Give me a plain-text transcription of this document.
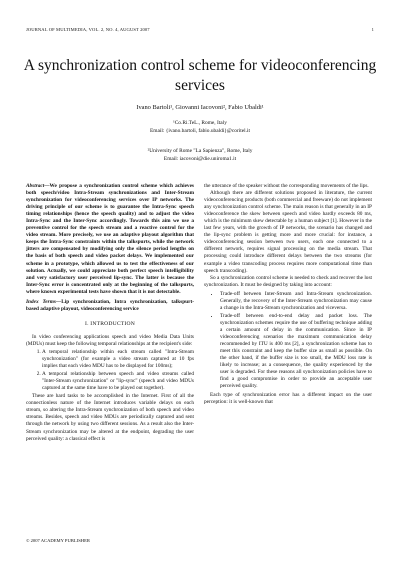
JOURNAL OF MULTIMEDIA, VOL. 2, NO. 4, AUGUST 2007	1
A synchronization control scheme for videoconferencing services
Ivano Bartoli¹, Giovanni Iacovoni², Fabio Ubaldi¹
¹Co.Ri.TeL., Rome, Italy
Email: {ivano.bartoli, fabio.ubaldi}@coritel.it
²University of Rome "La Sapienza", Rome, Italy
Email: iacovoni@die.uniroma1.it

Abstract—We propose a synchronization control scheme which achieves both speech/video Intra-Stream synchronizations and Inter-Stream synchronization for videoconferencing services over IP networks. The driving principle of our scheme is to guarantee the Intra-Sync speech timing relationships (hence the speech quality) and to adjust the video Intra-Sync and the Inter-Sync accordingly. Towards this aim we use a preventive control for the speech stream and a reactive control for the video stream. More precisely, we use an adaptive playout algorithm that keeps the Intra-Sync constraints within the talkspurts, while the network jitters are compensated by modifying only the silence period lengths on the basis of both speech and video packet delays. We implemented our scheme in a prototype, which allowed us to test the effectiveness of our solution. Actually, we could appreciate both perfect speech intelligibility and very satisfactory user perceived lip-sync. The latter is because the Inter-Sync error is concentrated only at the beginning of the talkspurts, where known experimental tests have shown that it is not detectable.

Index Terms—Lip synchronization, Intra synchronization, talkspurt-based adaptive playout, videoconferencing service

I. INTRODUCTION

In video conferencing applications speech and video Media Data Units (MDUs) must keep the following temporal relationships at the recipient's side:

1. A temporal relationship within each stream called "Intra-Stream synchronization" (for example a video stream captured at 10 fps implies that each video MDU has to be displayed for 100ms);
2. A temporal relationship between speech and video streams called "Inter-Stream synchronization" or "lip-sync" (speech and video MDUs captured at the same time have to be played out together).

These are hard tasks to be accomplished in the Internet. First of all the connectionless nature of the Internet introduces variable delays on each stream, so altering the Intra-Stream synchronization of both speech and video streams. Besides, speech and video MDUs are periodically captured and sent through the network by using two different sessions. As a result also the Inter-Stream synchronization may be altered at the endpoint, degrading the user perceived quality: a classical effect is

the utterance of the speaker without the corresponding movements of the lips.

Although there are different solutions proposed in literature, the current videoconferencing products (both commercial and freeware) do not implement any synchronization control scheme. The main reason is that generally in an IP videoconference the skew between speech and video hardly exceeds 80 ms, which is the minimum skew detectable by a human subject [1]. However in the last few years, with the growth of IP networks, the scenario has changed and the lip-sync problem is getting more and more crucial: for instance, a videoconferencing session between two users, each one connected to a different network, requires signal processing on the media stream. That processing could introduce different delays between the two streams (for example a video transcoding process requires more computational time than speech transcoding).

So a synchronization control scheme is needed to check and recover the lost synchronization. It must be designed by taking into account:

• Trade-off between Inter-Stream and Intra-Stream synchronization. Generally, the recovery of the Inter-Stream synchronization may cause a change in the Intra-Stream synchronization and viceversa.
• Trade-off between end-to-end delay and packet loss. The synchronization schemes require the use of buffering technique adding a certain amount of delay in the communication. Since in IP videoconferencing scenarios the maximum communication delay recommended by ITU is 400 ms [2], a synchronization scheme has to meet this constraint and keep the buffer size as small as possible. On the other hand, if the buffer size is too small, the MDU loss rate is likely to increase; as a consequence, the quality experienced by the user is degraded. For these reasons all synchronization policies have to find a good compromise in order to provide an acceptable user perceived quality.

Each type of synchronization error has a different impact on the user perception: it is well-known that

© 2007 ACADEMY PUBLISHER
